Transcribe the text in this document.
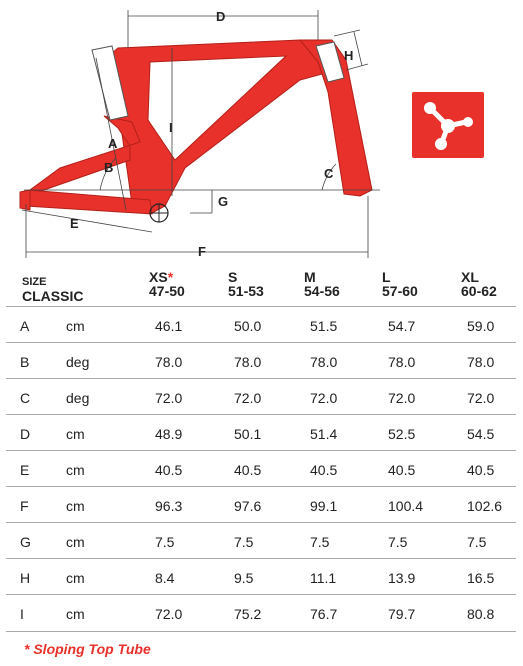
D
H
A
I
B	C
G
E
F
SIZE
CLASSIC
XS*
47-50
S
51-53
M
54-56
L
57-60
XL
60-62
A	cm	46.1	50.0	51.5	54.7	59.0
B	deg	78.0	78.0	78.0	78.0	78.0
C	deg	72.0	72.0	72.0	72.0	72.0
D	cm	48.9	50.1	51.4	52.5	54.5
E	cm	40.5	40.5	40.5	40.5	40.5
F	cm	96.3	97.6	99.1	100.4	102.6
G	cm	7.5	7.5	7.5	7.5	7.5
H	cm	8.4	9.5	11.1	13.9	16.5
I	cm	72.0	75.2	76.7	79.7	80.8
* Sloping Top Tube
